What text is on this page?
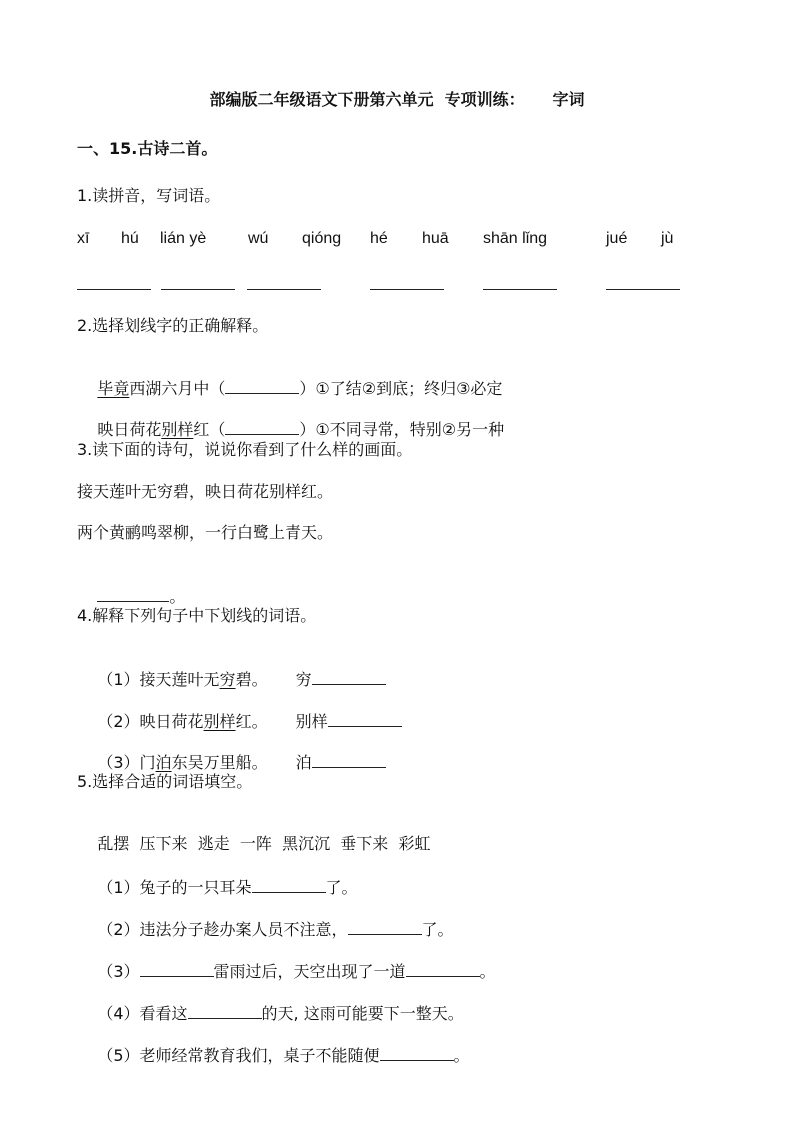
部编版二年级语文下册第六单元  专项训练：     字词
一、15.古诗二首。
1.读拼音，写词语。
xī hú lián yè	wú qióng hé huā shān lǐng	jué jù
2.选择划线字的正确解释。

毕竟西湖六月中（	）①了结②到底；终归③必定

映日荷花别样红（	）①不同寻常，特别②另一种

3.读下面的诗句，说说你看到了什么样的画面。
接天莲叶无穷碧，映日荷花别样红。
两个黄鹂鸣翠柳，一行白鹭上青天。

。

4.解释下列句子中下划线的词语。

（1）接天莲叶无穷碧。 穷

（2）映日荷花别样红。 别样

（3）门泊东吴万里船。 泊

5.选择合适的词语填空。

乱摆 压下来 逃走 一阵 黑沉沉 垂下来 彩虹

（1）兔子的一只耳朵	了。

（2）违法分子趁办案人员不注意，	了。

（3）	雷雨过后，天空出现了一道	。

（4）看看这	的天, 这雨可能要下一整天。

（5）老师经常教育我们，桌子不能随便	。
